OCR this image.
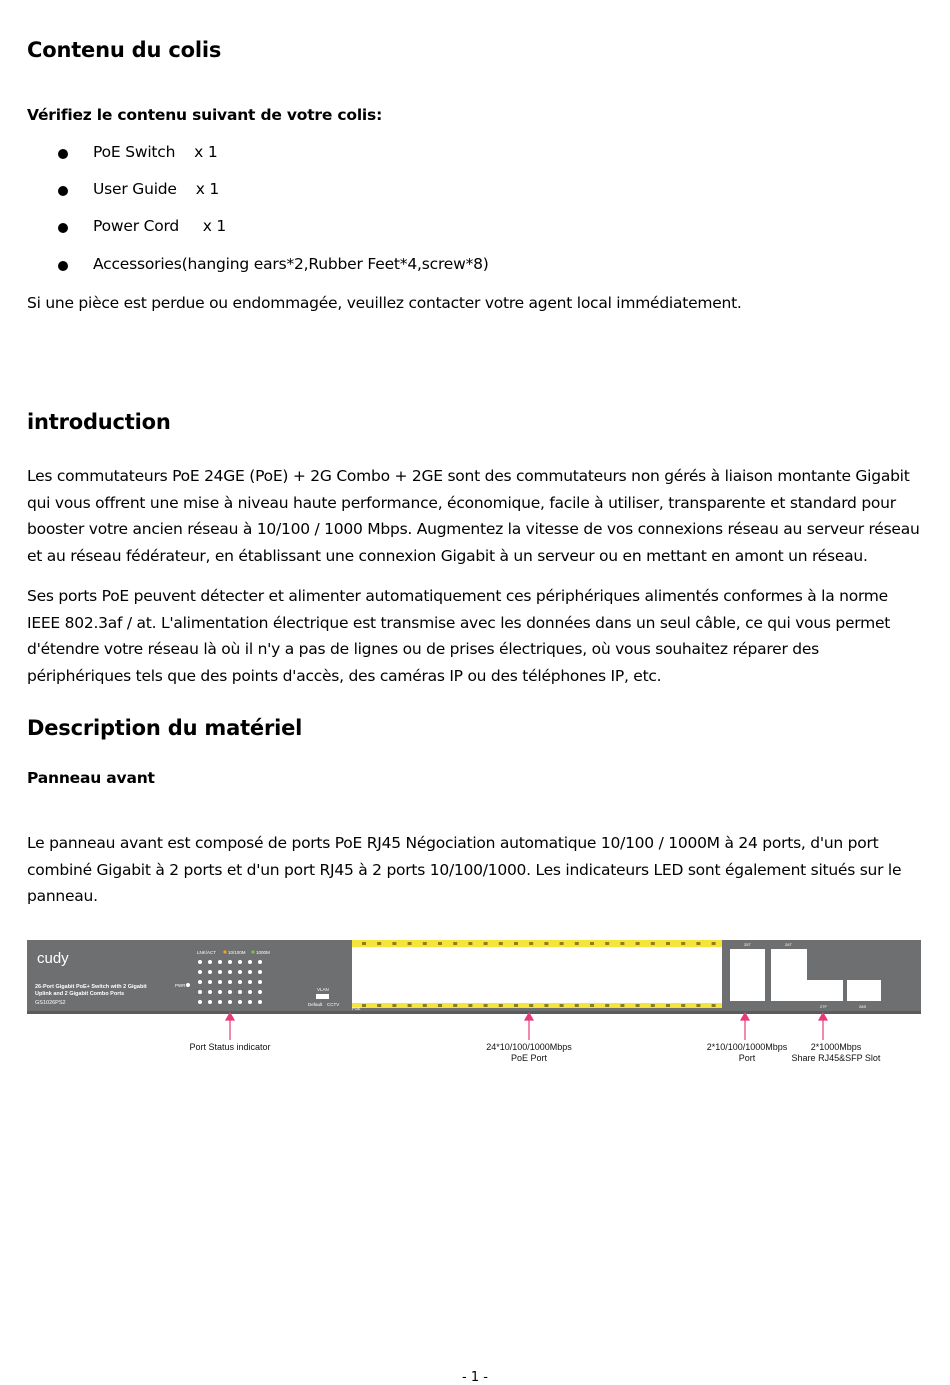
Contenu du colis

Vérifiez le contenu suivant de votre colis:

PoE Switch x 1
User Guide x 1
Power Cord x 1
Accessories(hanging ears*2,Rubber Feet*4,screw*8)

Si une pièce est perdue ou endommagée, veuillez contacter votre agent local immédiatement.

introduction

Les commutateurs PoE 24GE (PoE) + 2G Combo + 2GE sont des commutateurs non gérés à liaison montante Gigabit qui vous offrent une mise à niveau haute performance, économique, facile à utiliser, transparente et standard pour booster votre ancien réseau à 10/100 / 1000 Mbps. Augmentez la vitesse de vos connexions réseau au serveur réseau et au réseau fédérateur, en établissant une connexion Gigabit à un serveur ou en mettant en amont un réseau.

Ses ports PoE peuvent détecter et alimenter automatiquement ces périphériques alimentés conformes à la norme IEEE 802.3af / at. L'alimentation électrique est transmise avec les données dans un seul câble, ce qui vous permet d'étendre votre réseau là où il n'y a pas de lignes ou de prises électriques, où vous souhaitez réparer des périphériques tels que des points d'accès, des caméras IP ou des téléphones IP, etc.

Description du matériel

Panneau avant

Le panneau avant est composé de ports PoE RJ45 Négociation automatique 10/100 / 1000M à 24 ports, d'un port combiné Gigabit à 2 ports et d'un port RJ45 à 2 ports 10/100/1000. Les indicateurs LED sont également situés sur le panneau.

cudy
26-Port Gigabit PoE+ Switch with 2 Gigabit
Uplink and 2 Gigabit Combo Ports
GS1026PS2
LNK/ACT	10/100M 1000M
PWR
VLAN
Default CCTV
PoE
25T	26T
27F	28S
Port Status indicator	24*10/100/1000Mbps
PoE Port
2*10/100/1000Mbps
Port
2*1000Mbps
Share RJ45&SFP Slot
- 1 -
